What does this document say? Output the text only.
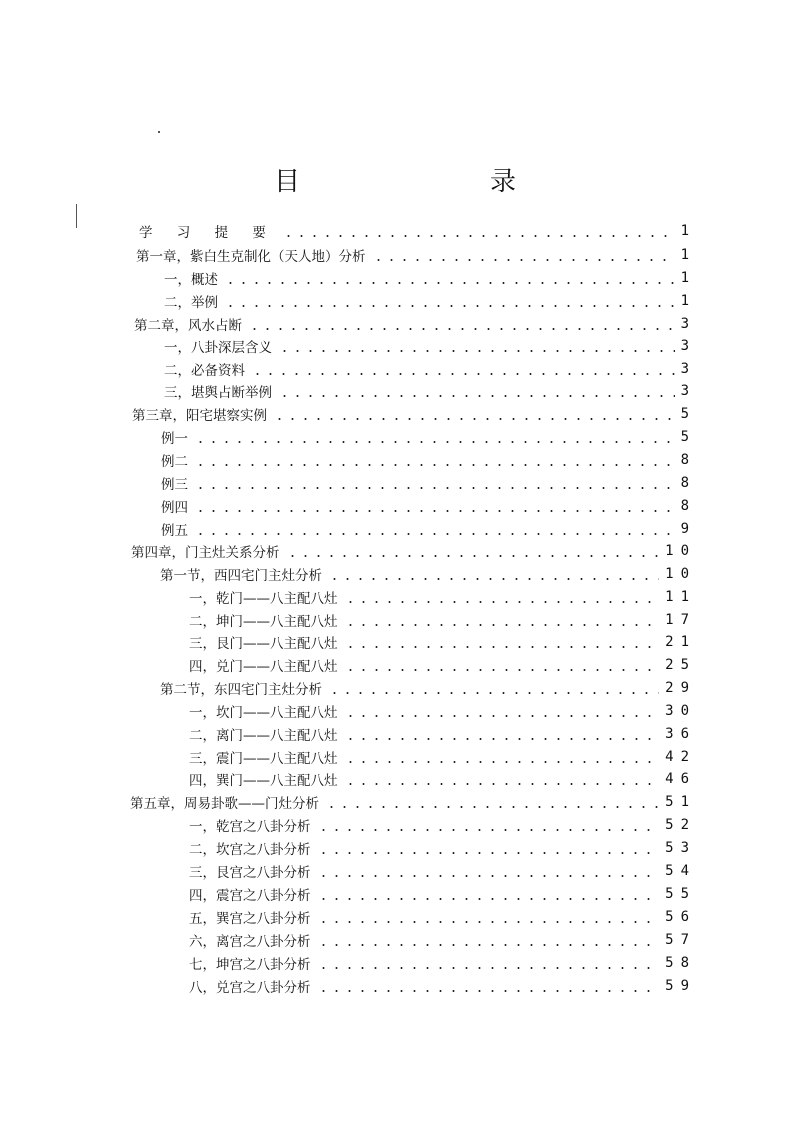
目	录
学 习 提 要	1
第一章，紫白生克制化（天人地）分析	1
一，概述	1
二，举例	1
第二章，风水占断	3
一，八卦深层含义	3
二，必备资料	3
三，堪舆占断举例	3
第三章，阳宅堪察实例	5
例一	5
例二	8
例三	8
例四	8
例五	9
第四章，门主灶关系分析	10
第一节，西四宅门主灶分析	10
一，乾门——八主配八灶	11
二，坤门——八主配八灶	17
三，艮门——八主配八灶	21
四，兑门——八主配八灶	25
第二节，东四宅门主灶分析	29
一，坎门——八主配八灶	30
二，离门——八主配八灶	36
三，震门——八主配八灶	42
四，巽门——八主配八灶	46
第五章，周易卦歌——门灶分析	51
一，乾宫之八卦分析	52
二，坎宫之八卦分析	53
三，艮宫之八卦分析	54
四，震宫之八卦分析	55
五，巽宫之八卦分析	56
六，离宫之八卦分析	57
七，坤宫之八卦分析	58
八，兑宫之八卦分析	59
